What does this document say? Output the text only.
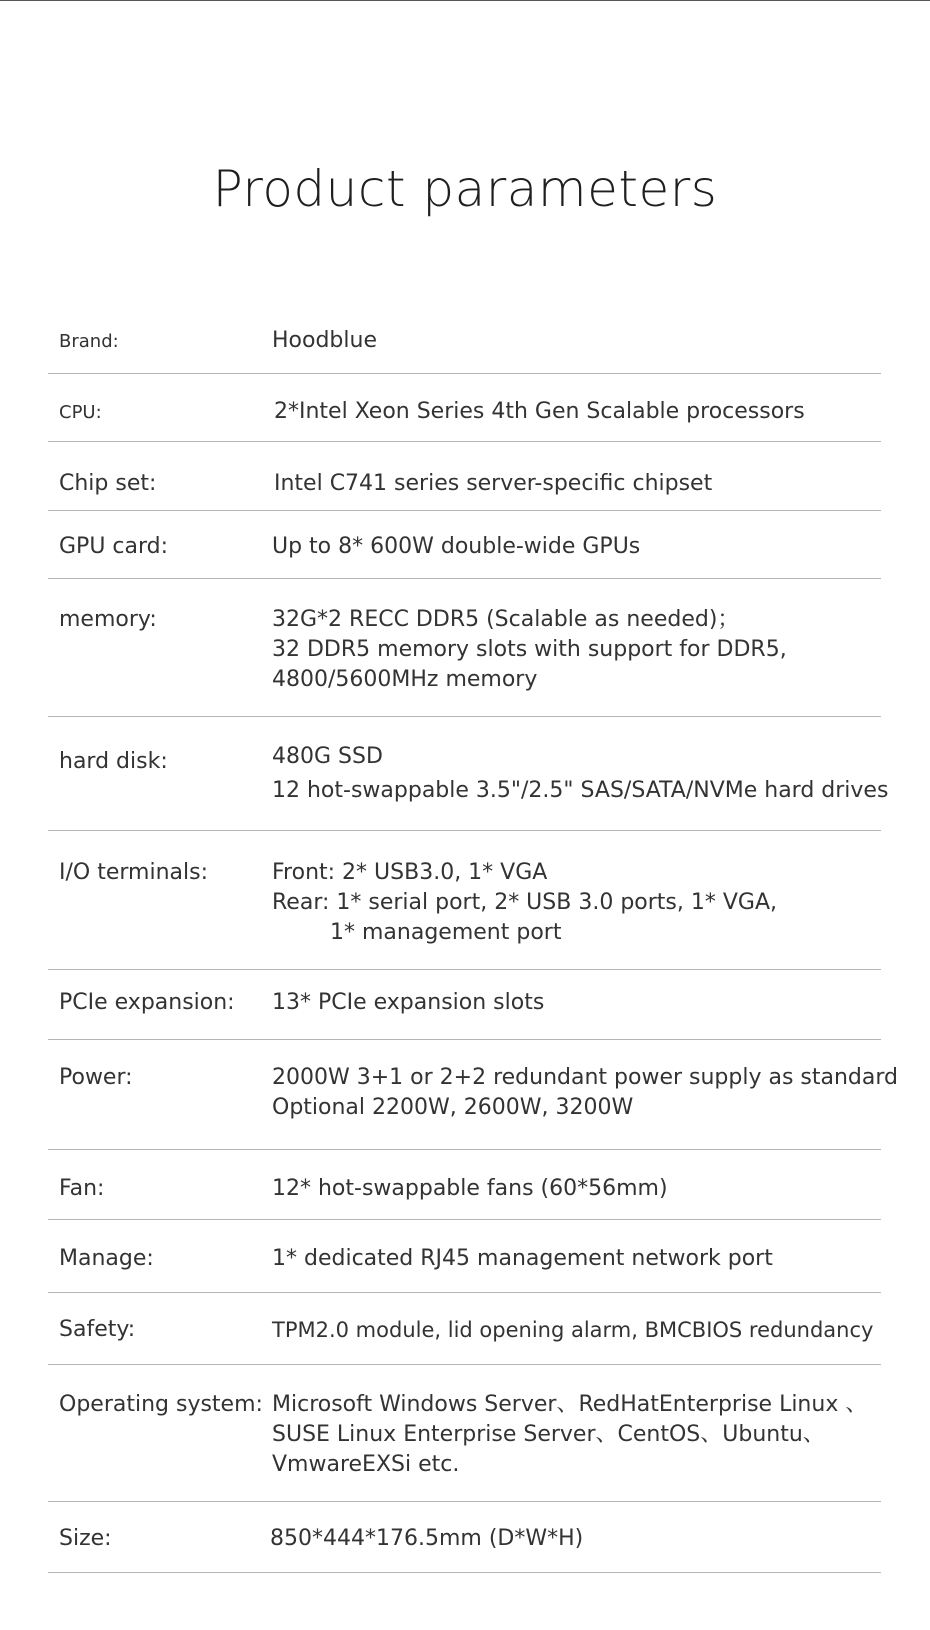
Product parameters
Brand:	Hoodblue
CPU:	2*Intel Xeon Series 4th Gen Scalable processors
Chip set:	Intel C741 series server-specific chipset
GPU card:	Up to 8* 600W double-wide GPUs
memory:	32G*2 RECC DDR5 (Scalable as needed)；
32 DDR5 memory slots with support for DDR5,
4800/5600MHz memory
hard disk:	480G SSD
12 hot-swappable 3.5"/2.5" SAS/SATA/NVMe hard drives
I/O terminals:	Front: 2* USB3.0, 1* VGA
Rear: 1* serial port, 2* USB 3.0 ports, 1* VGA,
1* management port
PCIe expansion: 13* PCIe expansion slots
Power:	2000W 3+1 or 2+2 redundant power supply as standard
Optional 2200W, 2600W, 3200W
Fan:	12* hot-swappable fans (60*56mm)
Manage:	1* dedicated RJ45 management network port
Safety:	TPM2.0 module, lid opening alarm, BMCBIOS redundancy
Operating system: Microsoft Windows Server、RedHatEnterprise Linux 、
SUSE Linux Enterprise Server、CentOS、Ubuntu、
VmwareEXSi etc.
Size:	850*444*176.5mm (D*W*H)
